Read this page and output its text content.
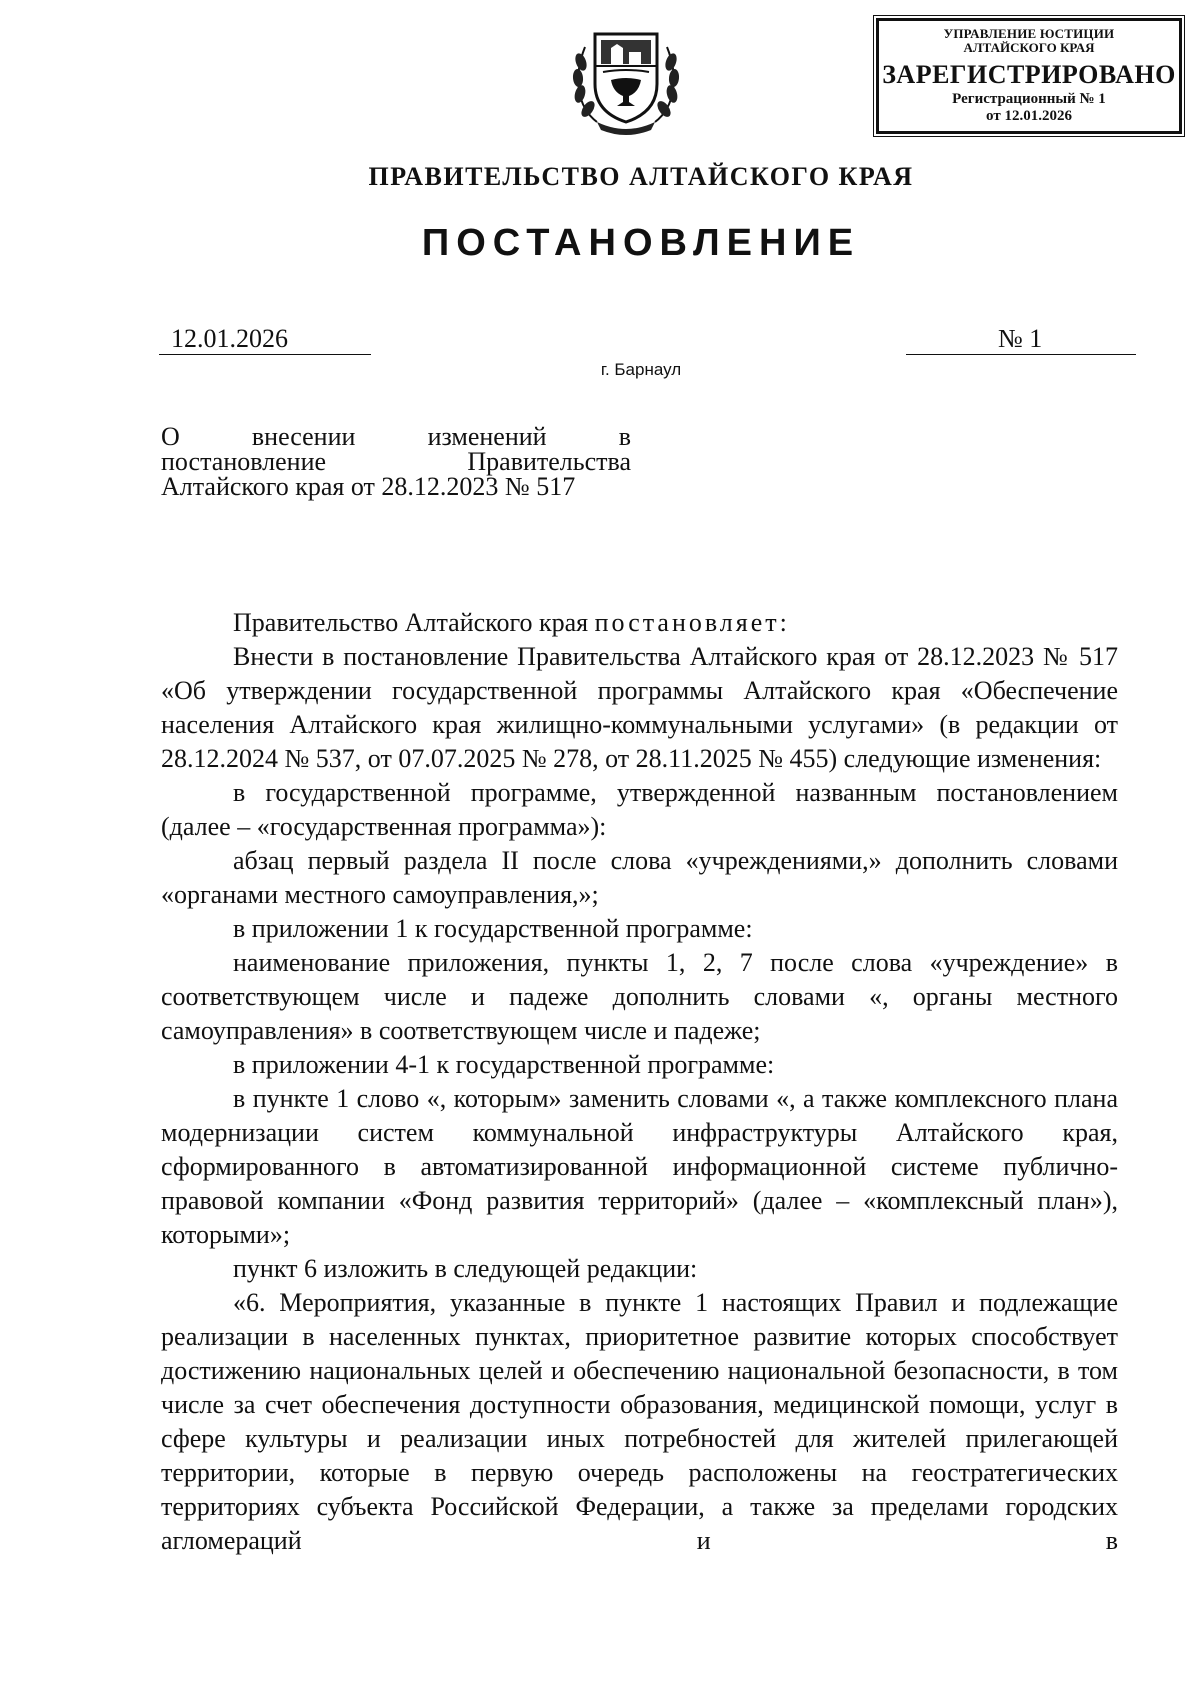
УПРАВЛЕНИЕ ЮСТИЦИИ
АЛТАЙСКОГО КРАЯ
ЗАРЕГИСТРИРОВАНО
Регистрационный № 1
от 12.01.2026
ПРАВИТЕЛЬСТВО АЛТАЙСКОГО КРАЯ
ПОСТАНОВЛЕНИЕ
12.01.2026	№ 1
г. Барнаул
О	внесении	изменений	в
постановление	Правительства
Алтайского края от 28.12.2023 № 517

Правительство Алтайского края постановляет:

Внести в постановление Правительства Алтайского края от 28.12.2023 № 517 «Об утверждении государственной программы Алтайского края «Обеспечение населения Алтайского края жилищно-коммунальными услугами» (в редакции от 28.12.2024 № 537, от 07.07.2025 № 278, от 28.11.2025 № 455) следующие изменения:

в государственной программе, утвержденной названным постановлением (далее – «государственная программа»):

абзац первый раздела II после слова «учреждениями,» дополнить словами «органами местного самоуправления,»;

в приложении 1 к государственной программе:

наименование приложения, пункты 1, 2, 7 после слова «учреждение» в соответствующем числе и падеже дополнить словами «, органы местного самоуправления» в соответствующем числе и падеже;

в приложении 4-1 к государственной программе:

в пункте 1 слово «, которым» заменить словами «, а также комплексного плана модернизации систем коммунальной инфраструктуры Алтайского края, сформированного в автоматизированной информационной системе публично-правовой компании «Фонд развития территорий» (далее – «комплексный план»), которыми»;

пункт 6 изложить в следующей редакции:

«6. Мероприятия, указанные в пункте 1 настоящих Правил и подлежащие реализации в населенных пунктах, приоритетное развитие которых способствует достижению национальных целей и обеспечению национальной безопасности, в том числе за счет обеспечения доступности образования, медицинской помощи, услуг в сфере культуры и реализации иных потребностей для жителей прилегающей территории, которые в первую очередь расположены на геостратегических территориях субъекта Российской Федерации, а также за пределами городских агломераций и в
